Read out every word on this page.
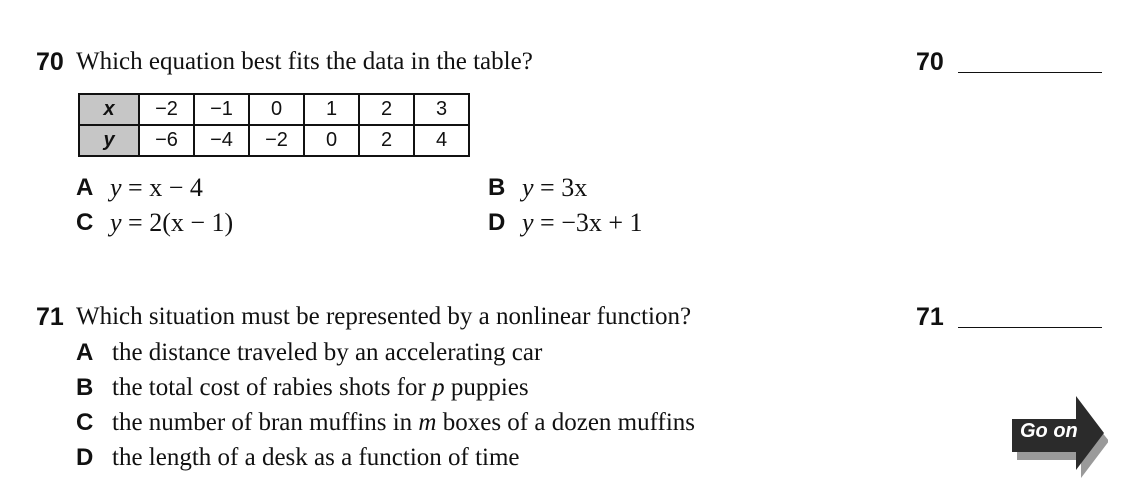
70 Which equation best fits the data in the table?	70
x	−2	−1	0	1	2	3
y	−6	−4	−2	0	2	4
A y = x − 4	B y = 3x
C y = 2(x − 1)	D y = −3x + 1
71 Which situation must be represented by a nonlinear function?	71
A the distance traveled by an accelerating car
B the total cost of rabies shots for p puppies
C the number of bran muffins in m boxes of a dozen muffins
D the length of a desk as a function of time
Go on
